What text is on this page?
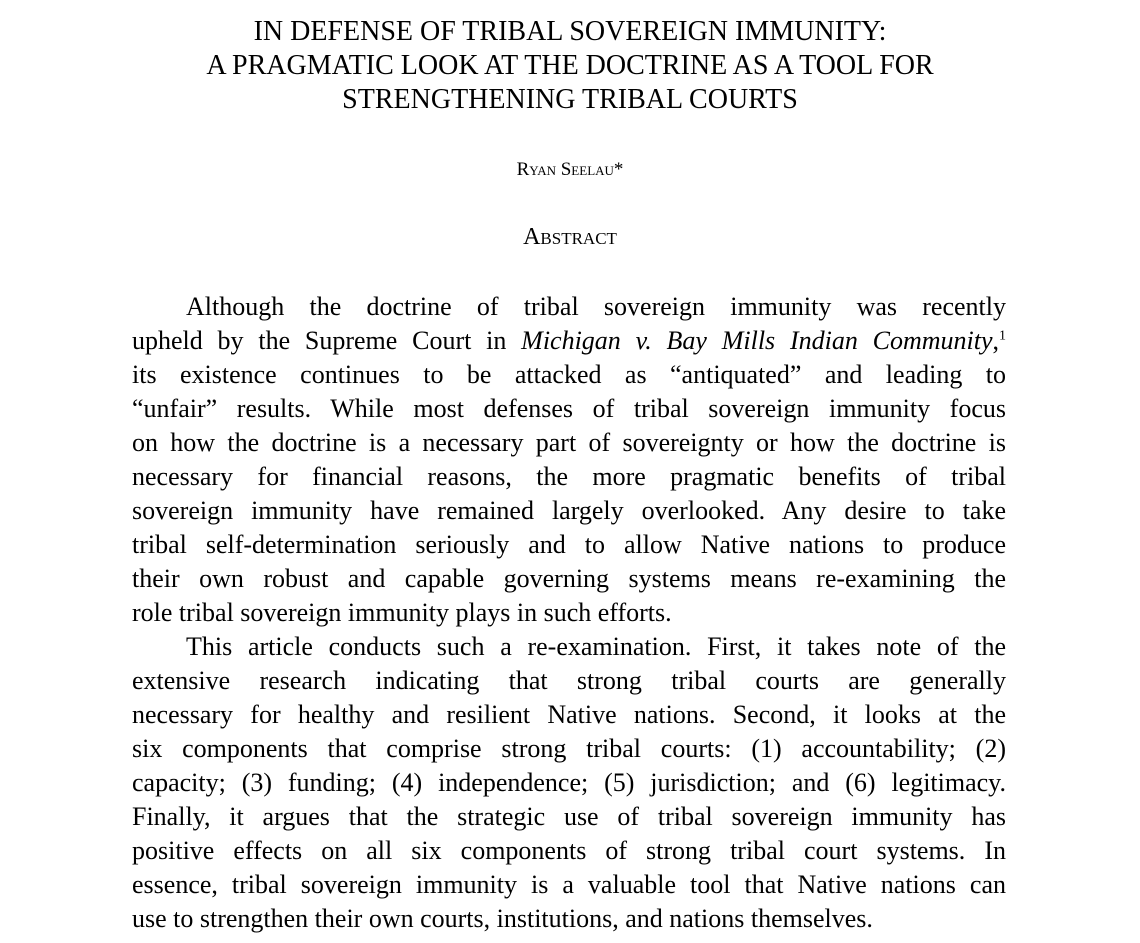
IN DEFENSE OF TRIBAL SOVEREIGN IMMUNITY:
A PRAGMATIC LOOK AT THE DOCTRINE AS A TOOL FOR
STRENGTHENING TRIBAL COURTS
Ryan Seelau*
Abstract
Although the doctrine of tribal sovereign immunity was recently
upheld by the Supreme Court in Michigan v. Bay Mills Indian Community,$^1$
its existence continues to be attacked as “antiquated” and leading to
“unfair” results. While most defenses of tribal sovereign immunity focus
on how the doctrine is a necessary part of sovereignty or how the doctrine is
necessary for financial reasons, the more pragmatic benefits of tribal
sovereign immunity have remained largely overlooked. Any desire to take
tribal self-determination seriously and to allow Native nations to produce
their own robust and capable governing systems means re-examining the
role tribal sovereign immunity plays in such efforts.
This article conducts such a re-examination. First, it takes note of the
extensive research indicating that strong tribal courts are generally
necessary for healthy and resilient Native nations. Second, it looks at the
six components that comprise strong tribal courts: (1) accountability; (2)
capacity; (3) funding; (4) independence; (5) jurisdiction; and (6) legitimacy.
Finally, it argues that the strategic use of tribal sovereign immunity has
positive effects on all six components of strong tribal court systems. In
essence, tribal sovereign immunity is a valuable tool that Native nations can
use to strengthen their own courts, institutions, and nations themselves.
